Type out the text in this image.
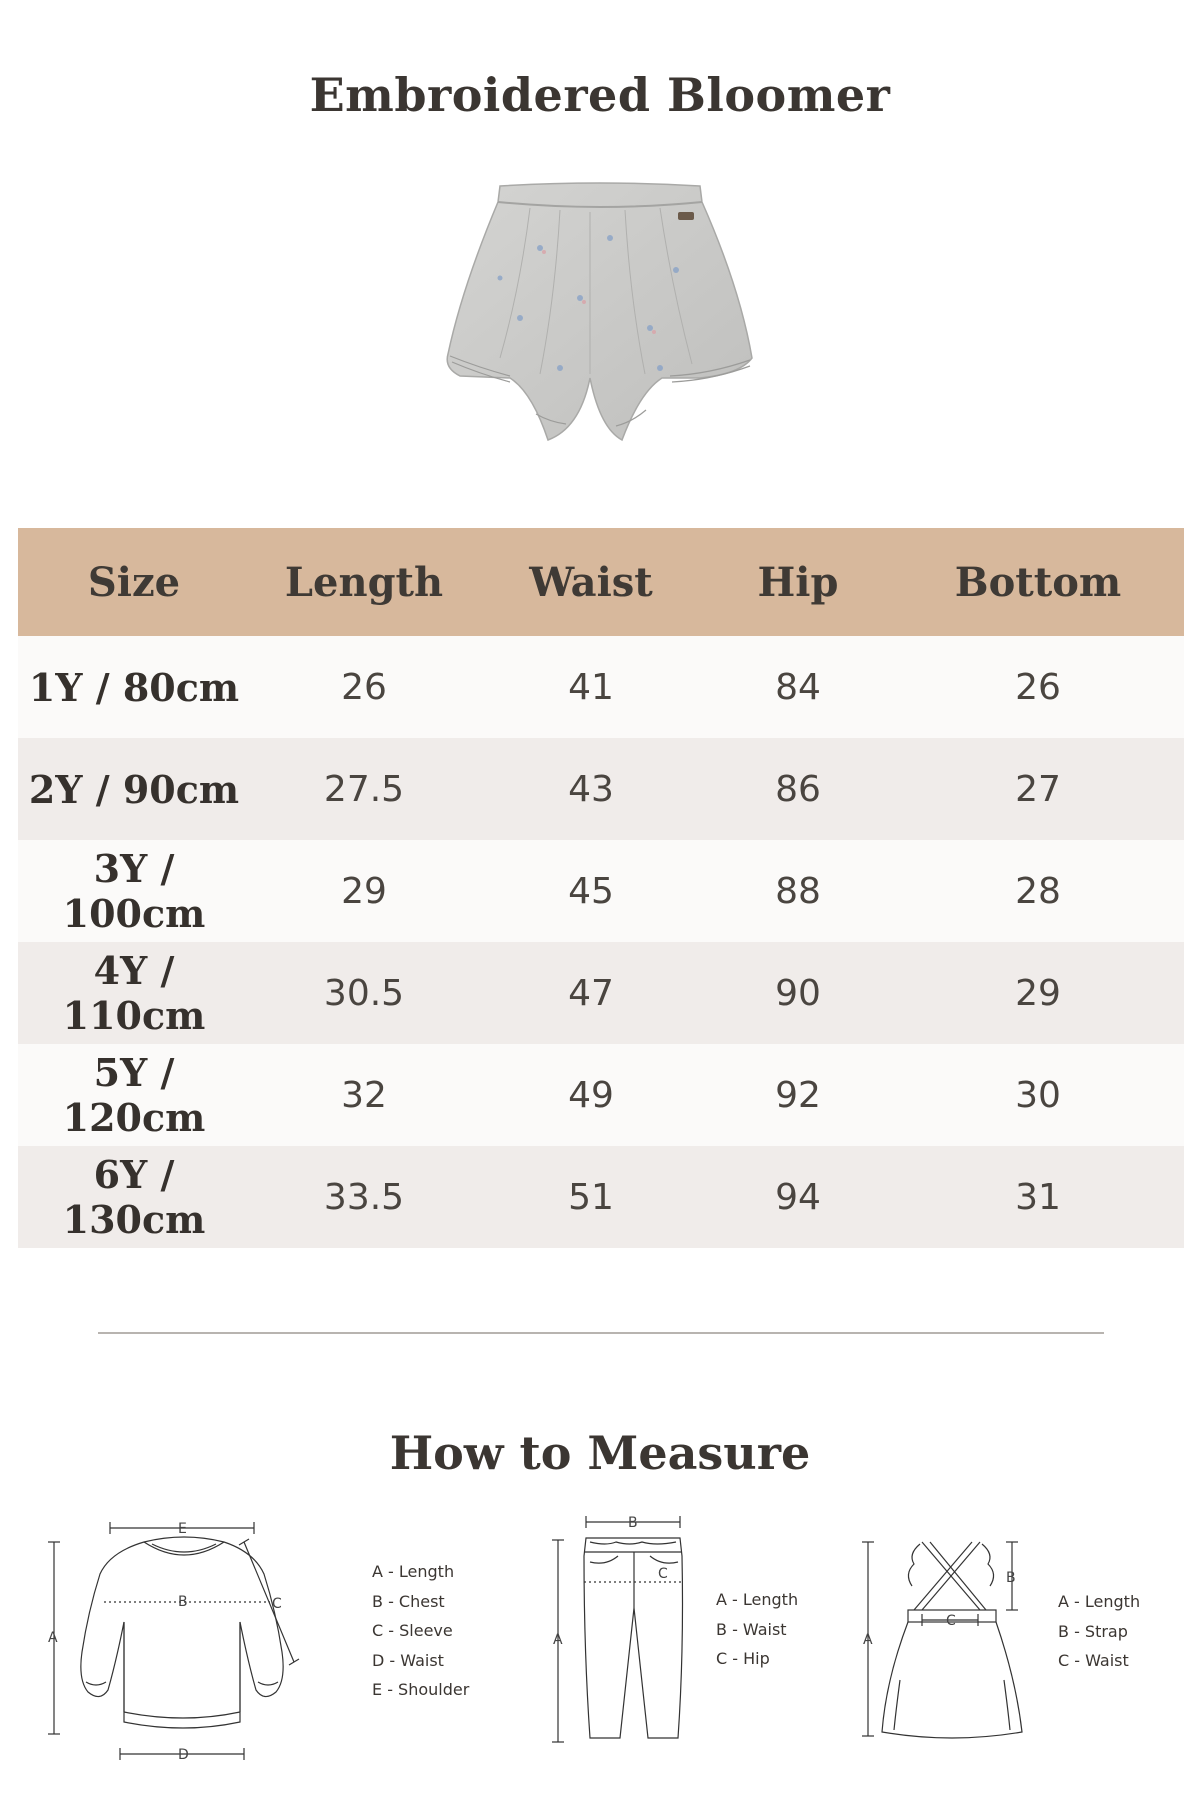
Embroidered Bloomer
Size	Length	Waist	Hip	Bottom
1Y / 80cm	26	41	84	26
2Y / 90cm	27.5	43	86	27
3Y / 100cm	29	45	88	28
4Y / 110cm	30.5	47	90	29
5Y / 120cm	32	49	92	30
6Y / 130cm	33.5	51	94	31
How to Measure
A
B	C
D
E
A - Length
B - Chest
C - Sleeve
D - Waist
E - Shoulder
A
B
C
A - Length
B - Waist
C - Hip
A
B
C
A - Length
B - Strap
C - Waist
